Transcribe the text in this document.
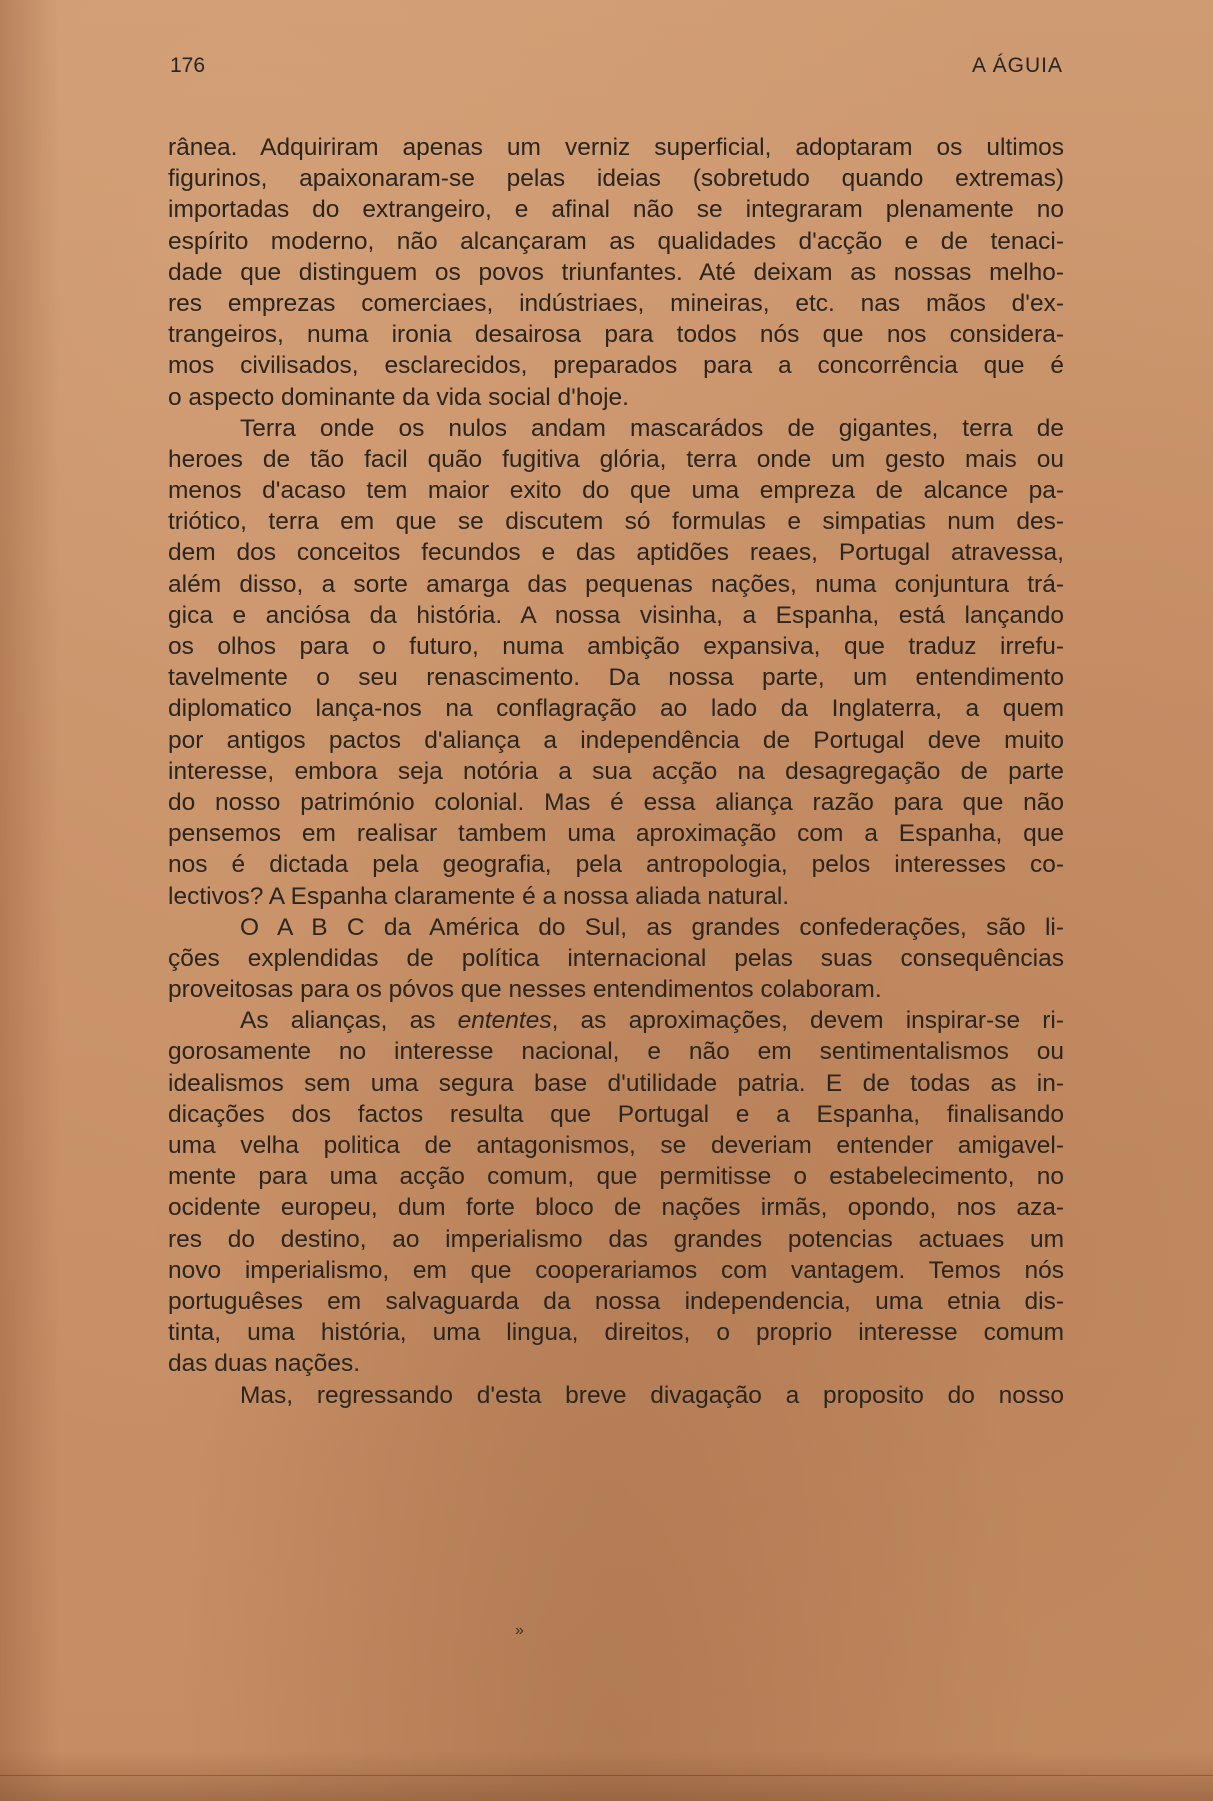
176	A ÁGUIA
rânea. Adquiriram apenas um verniz superficial, adoptaram os ultimos
figurinos, apaixonaram-se pelas ideias (sobretudo quando extremas)
importadas do extrangeiro, e afinal não se integraram plenamente no
espírito moderno, não alcançaram as qualidades d'acção e de tenaci-
dade que distinguem os povos triunfantes. Até deixam as nossas melho-
res emprezas comerciaes, indústriaes, mineiras, etc. nas mãos d'ex-
trangeiros, numa ironia desairosa para todos nós que nos considera-
mos civilisados, esclarecidos, preparados para a concorrência que é
o aspecto dominante da vida social d'hoje.
Terra onde os nulos andam mascarádos de gigantes, terra de
heroes de tão facil quão fugitiva glória, terra onde um gesto mais ou
menos d'acaso tem maior exito do que uma empreza de alcance pa-
triótico, terra em que se discutem só formulas e simpatias num des-
dem dos conceitos fecundos e das aptidões reaes, Portugal atravessa,
além disso, a sorte amarga das pequenas nações, numa conjuntura trá-
gica e anciósa da história. A nossa visinha, a Espanha, está lançando
os olhos para o futuro, numa ambição expansiva, que traduz irrefu-
tavelmente o seu renascimento. Da nossa parte, um entendimento
diplomatico lança-nos na conflagração ao lado da Inglaterra, a quem
por antigos pactos d'aliança a independência de Portugal deve muito
interesse, embora seja notória a sua acção na desagregação de parte
do nosso património colonial. Mas é essa aliança razão para que não
pensemos em realisar tambem uma aproximação com a Espanha, que
nos é dictada pela geografia, pela antropologia, pelos interesses co-
lectivos? A Espanha claramente é a nossa aliada natural.
O A B C da América do Sul, as grandes confederações, são li-
ções explendidas de política internacional pelas suas consequências
proveitosas para os póvos que nesses entendimentos colaboram.
As alianças, as ententes, as aproximações, devem inspirar-se ri-
gorosamente no interesse nacional, e não em sentimentalismos ou
idealismos sem uma segura base d'utilidade patria. E de todas as in-
dicações dos factos resulta que Portugal e a Espanha, finalisando
uma velha politica de antagonismos, se deveriam entender amigavel-
mente para uma acção comum, que permitisse o estabelecimento, no
ocidente europeu, dum forte bloco de nações irmãs, opondo, nos aza-
res do destino, ao imperialismo das grandes potencias actuaes um
novo imperialismo, em que cooperariamos com vantagem. Temos nós
portuguêses em salvaguarda da nossa independencia, uma etnia dis-
tinta, uma história, uma lingua, direitos, o proprio interesse comum
das duas nações.
Mas, regressando d'esta breve divagação a proposito do nosso
»
